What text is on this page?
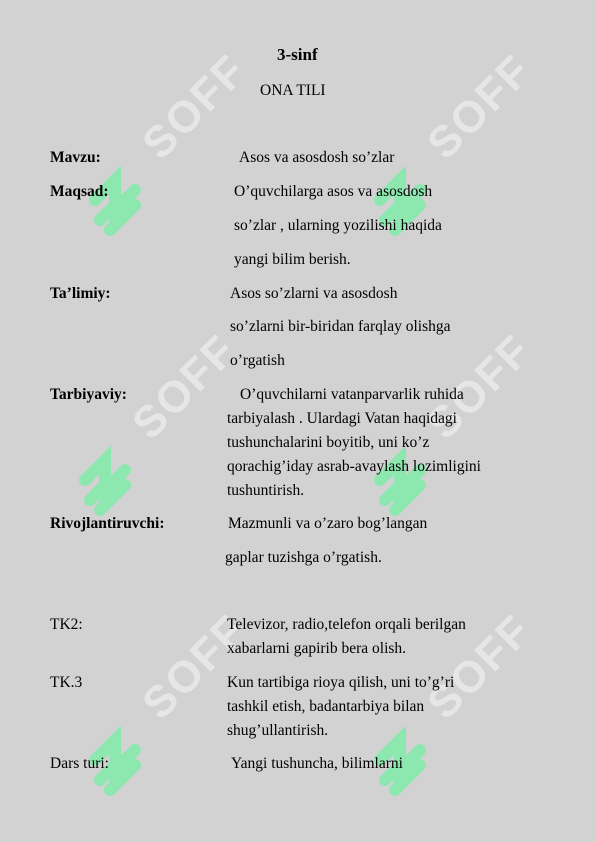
SOFF	SOFF
SOFF	SOFF
SOFF	SOFF
3-sinf
ONA TILI
Mavzu:	Asos va asosdosh so’zlar
Maqsad:	O’quvchilarga asos va asosdosh
so’zlar , ularning yozilishi haqida
yangi bilim berish.
Ta’limiy:	Asos so’zlarni va asosdosh
so’zlarni bir-biridan farqlay olishga
o’rgatish
Tarbiyaviy:	O’quvchilarni vatanparvarlik ruhida
tarbiyalash . Ulardagi Vatan haqidagi
tushunchalarini boyitib, uni ko’z
qorachig’iday asrab-avaylash lozimligini
tushuntirish.
Rivojlantiruvchi:	Mazmunli va o’zaro bog’langan
gaplar tuzishga o’rgatish.
TK2:	Televizor, radio,telefon orqali berilgan
xabarlarni gapirib bera olish.
TK.3	Kun tartibiga rioya qilish, uni to’g’ri
tashkil etish, badantarbiya bilan
shug’ullantirish.
Dars turi:	Yangi tushuncha, bilimlarni
